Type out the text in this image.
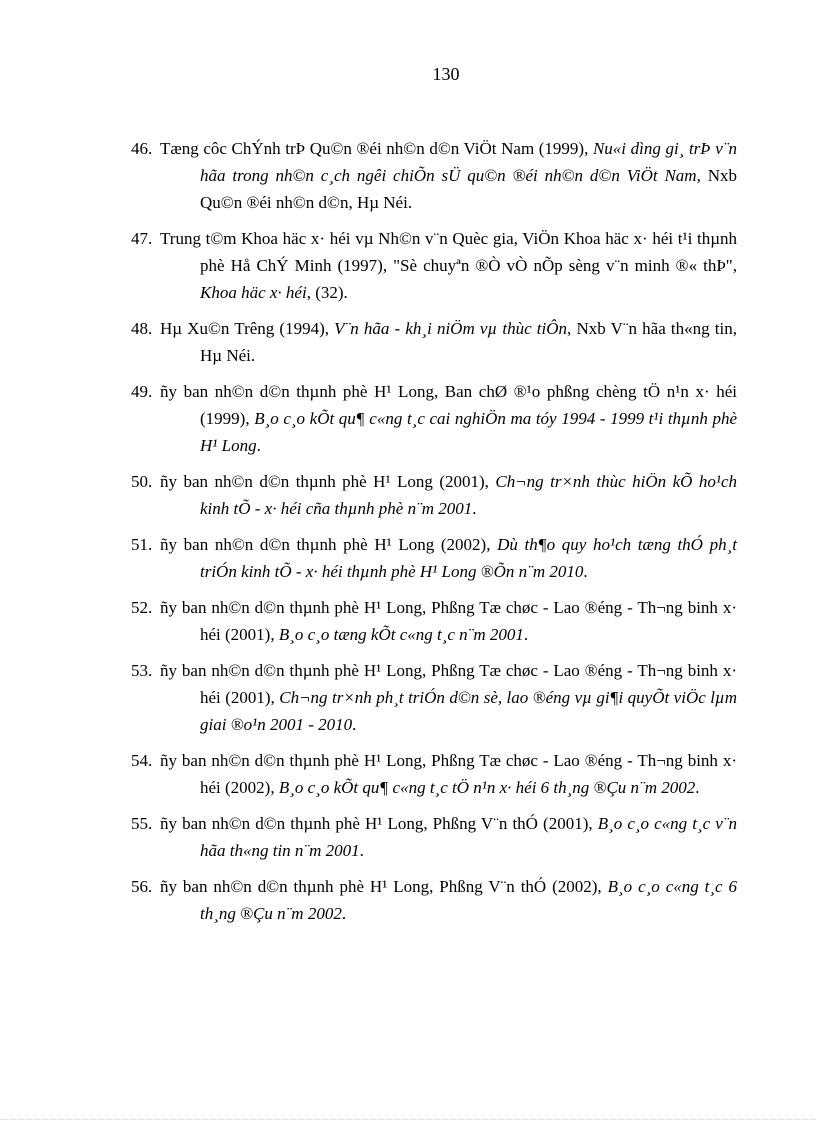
130
46. Tæng côc ChÝnh trÞ Qu©n ®éi nh©n d©n ViÖt Nam (1999), Nu«i dìng gi¸ trÞ v¨n hãa trong nh©n c¸ch ngêi chiÕn sÜ qu©n ®éi nh©n d©n ViÖt Nam, Nxb Qu©n ®éi nh©n d©n, Hµ Néi.
47. Trung t©m Khoa häc x· héi vµ Nh©n v¨n Quèc gia, ViÖn Khoa häc x· héi t¹i thµnh phè Hå ChÝ Minh (1997), "Sè chuyªn ®Ò vÒ nÕp sèng v¨n minh ®« thÞ", Khoa häc x· héi, (32).
48. Hµ Xu©n Trêng (1994), V¨n hãa - kh¸i niÖm vµ thùc tiÔn, Nxb V¨n hãa th«ng tin, Hµ Néi.
49. ñy ban nh©n d©n thµnh phè H¹ Long, Ban chØ ®¹o phßng chèng tÖ n¹n x· héi (1999), B¸o c¸o kÕt qu¶ c«ng t¸c cai nghiÖn ma tóy 1994 - 1999 t¹i thµnh phè H¹ Long.
50. ñy ban nh©n d©n thµnh phè H¹ Long (2001), Ch¬ng tr×nh thùc hiÖn kÕ ho¹ch kinh tÕ - x· héi cña thµnh phè n¨m 2001.
51. ñy ban nh©n d©n thµnh phè H¹ Long (2002), Dù th¶o quy ho¹ch tæng thÓ ph¸t triÓn kinh tÕ - x· héi thµnh phè H¹ Long ®Õn n¨m 2010.
52. ñy ban nh©n d©n thµnh phè H¹ Long, Phßng Tæ chøc - Lao ®éng - Th¬ng binh x· héi (2001), B¸o c¸o tæng kÕt c«ng t¸c n¨m 2001.
53. ñy ban nh©n d©n thµnh phè H¹ Long, Phßng Tæ chøc - Lao ®éng - Th¬ng binh x· héi (2001), Ch¬ng tr×nh ph¸t triÓn d©n sè, lao ®éng vµ gi¶i quyÕt viÖc lµm giai ®o¹n 2001 - 2010.
54. ñy ban nh©n d©n thµnh phè H¹ Long, Phßng Tæ chøc - Lao ®éng - Th¬ng binh x· héi (2002), B¸o c¸o kÕt qu¶ c«ng t¸c tÖ n¹n x· héi 6 th¸ng ®Çu n¨m 2002.
55. ñy ban nh©n d©n thµnh phè H¹ Long, Phßng V¨n thÓ (2001), B¸o c¸o c«ng t¸c v¨n hãa th«ng tin n¨m 2001.
56. ñy ban nh©n d©n thµnh phè H¹ Long, Phßng V¨n thÓ (2002), B¸o c¸o c«ng t¸c 6 th¸ng ®Çu n¨m 2002.
